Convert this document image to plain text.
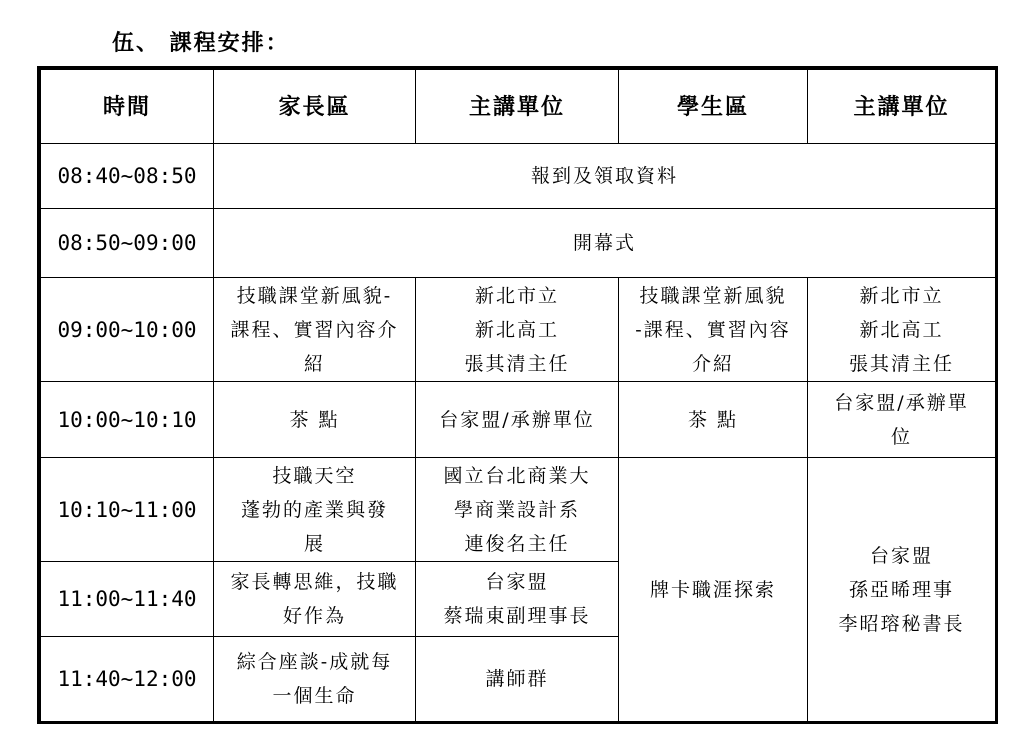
伍、 課程安排：
時間	家長區	主講單位	學生區	主講單位
08:40~08:50	報到及領取資料			
08:50~09:00	開幕式			
09:00~10:00	技職課堂新風貌-
課程、實習內容介
紹	新北市立
新北高工
張其清主任	技職課堂新風貌
-課程、實習內容
介紹	新北市立
新北高工
張其清主任

10:00~10:10	茶 點	台家盟/承辦單位	茶 點	台家盟/承辦單
位

10:10~11:00	技職天空
蓬勃的產業與發
展	國立台北商業大
學商業設計系
連俊名主任	牌卡職涯探索	台家盟
孫亞晞理事
李昭瑢秘書長

11:00~11:40	家長轉思維，技職
好作為	台家盟
蔡瑞東副理事長		

11:40~12:00	綜合座談-成就每
一個生命	講師群		
